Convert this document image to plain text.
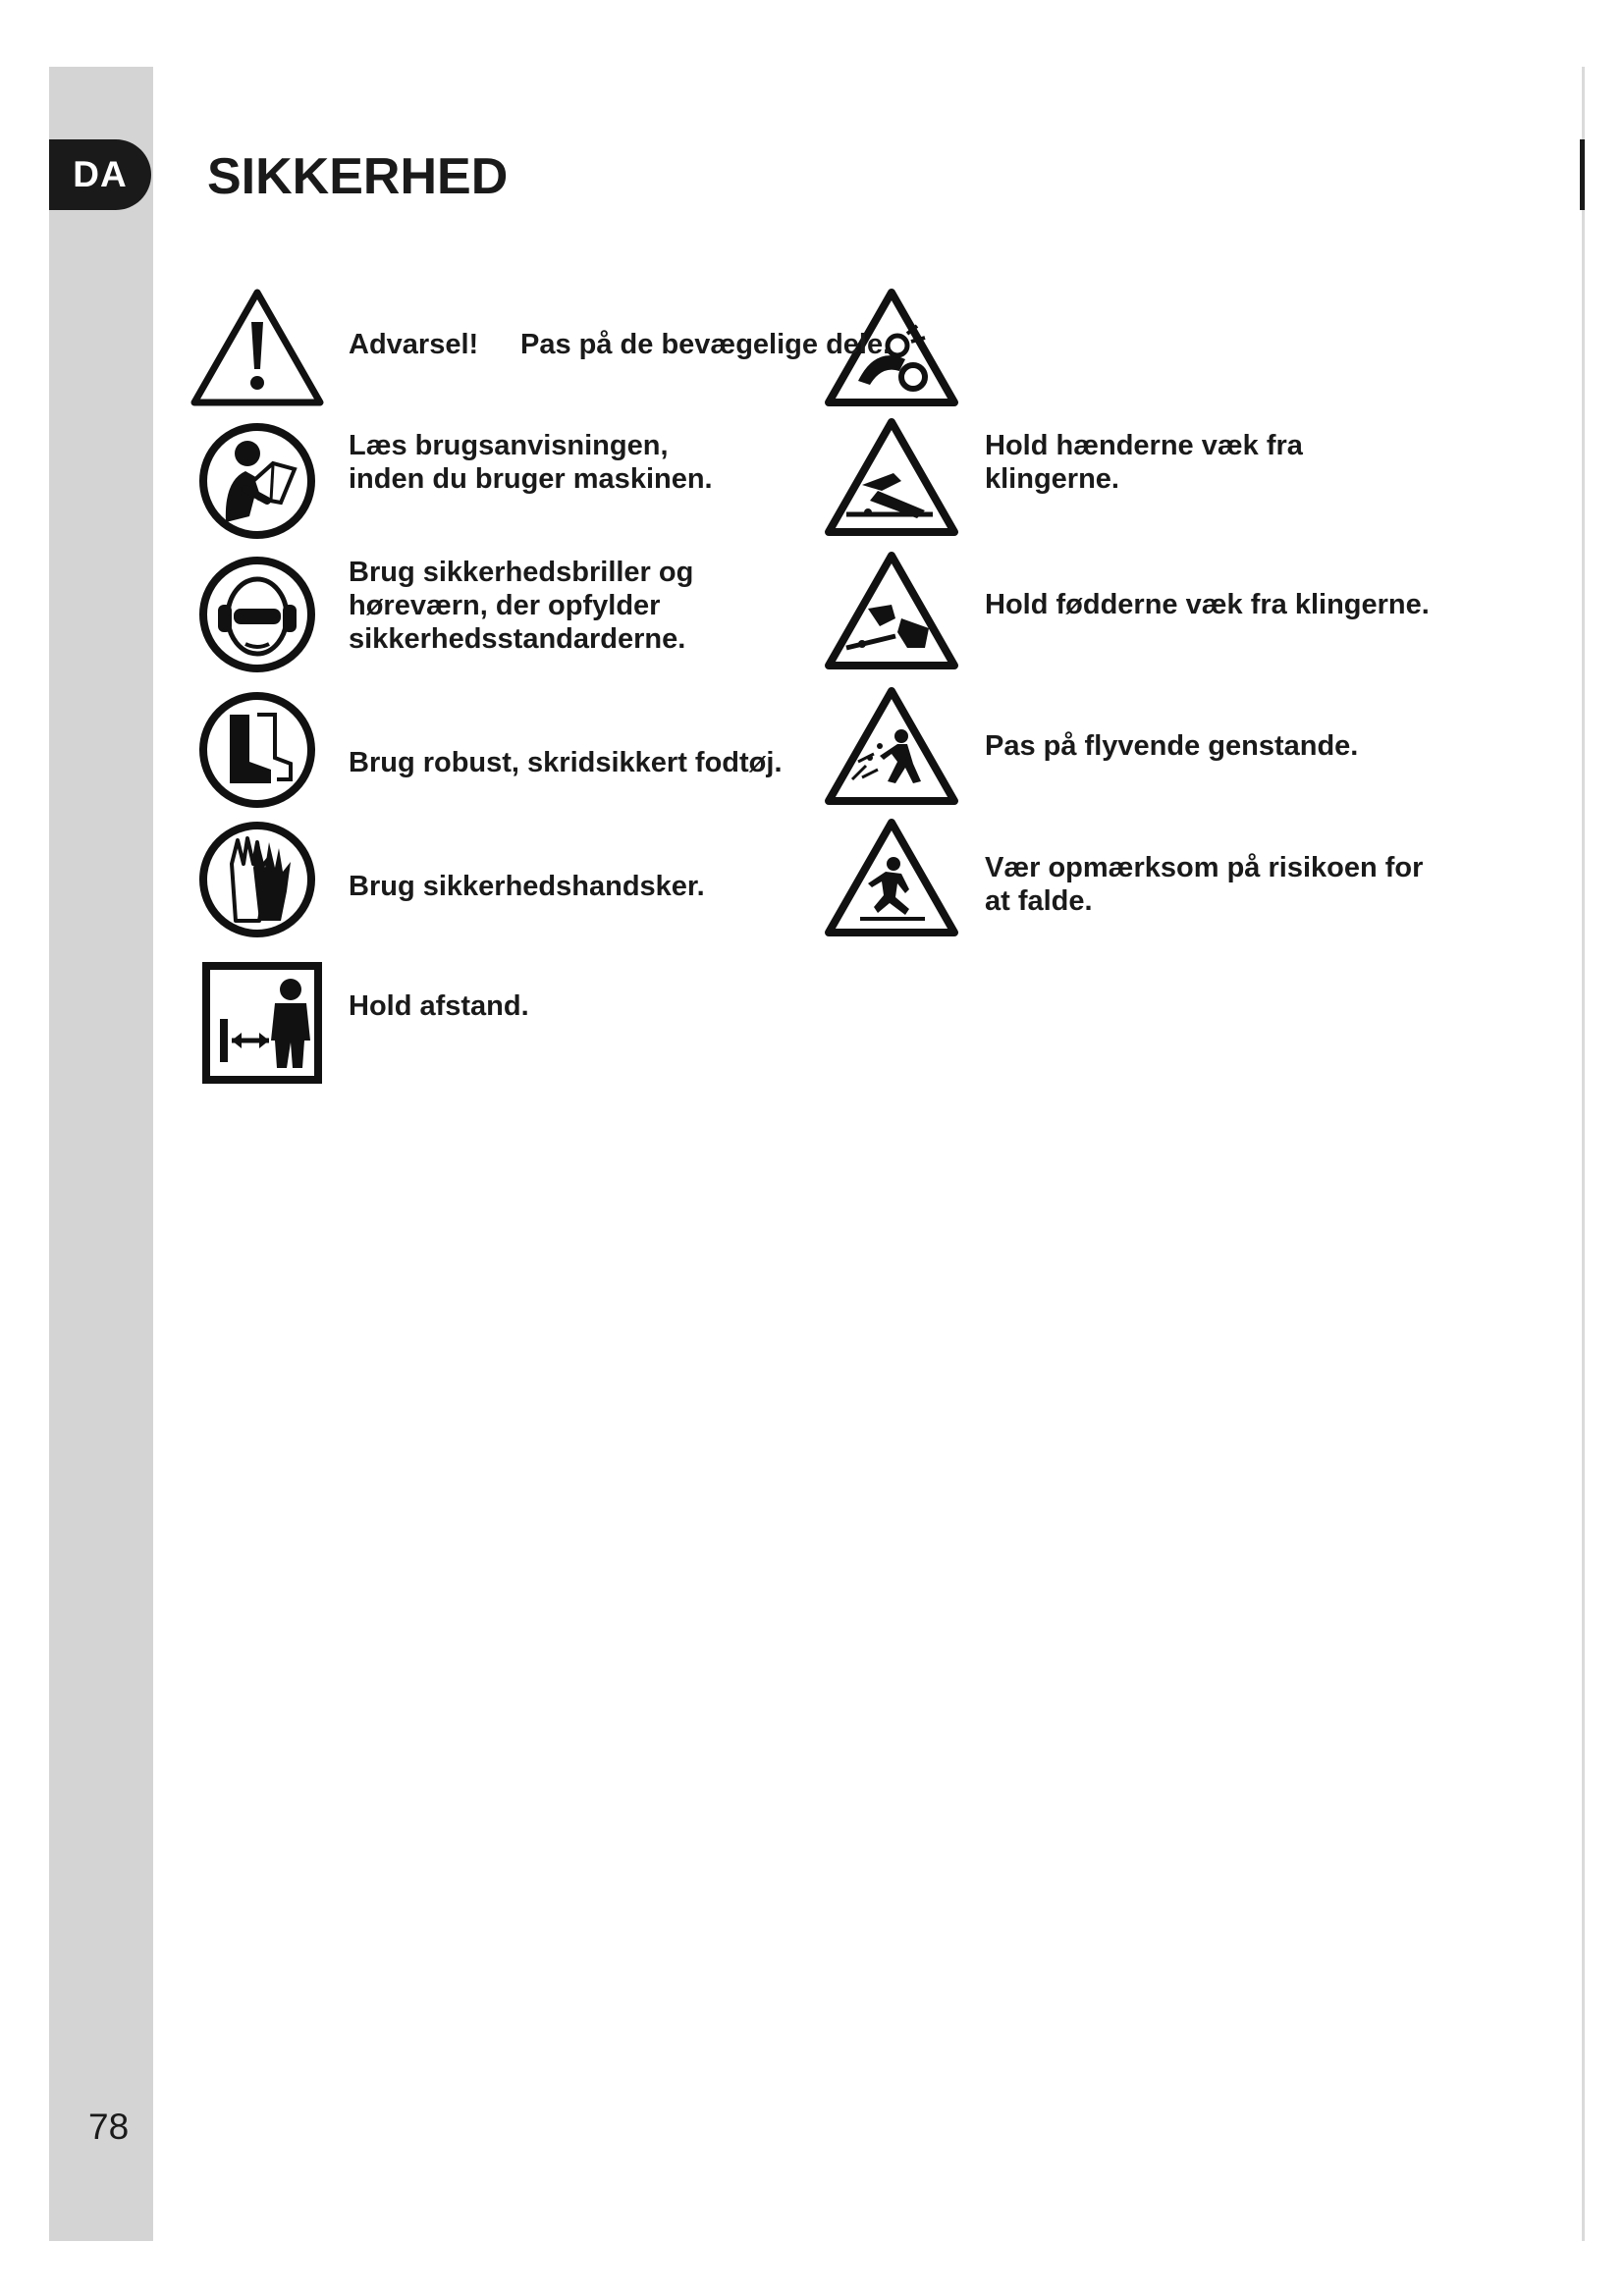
DA	SIKKERHED
Advarsel!
Læs brugsanvisningen,
inden du bruger maskinen.
Brug sikkerhedsbriller og
høreværn, der opfylder
sikkerhedsstandarderne.
Brug robust, skridsikkert fodtøj.
Brug sikkerhedshandsker.
Hold afstand.
Pas på de bevægelige dele.
Hold hænderne væk fra
klingerne.
Hold fødderne væk fra klingerne.
Pas på flyvende genstande.
Vær opmærksom på risikoen for
at falde.
78
